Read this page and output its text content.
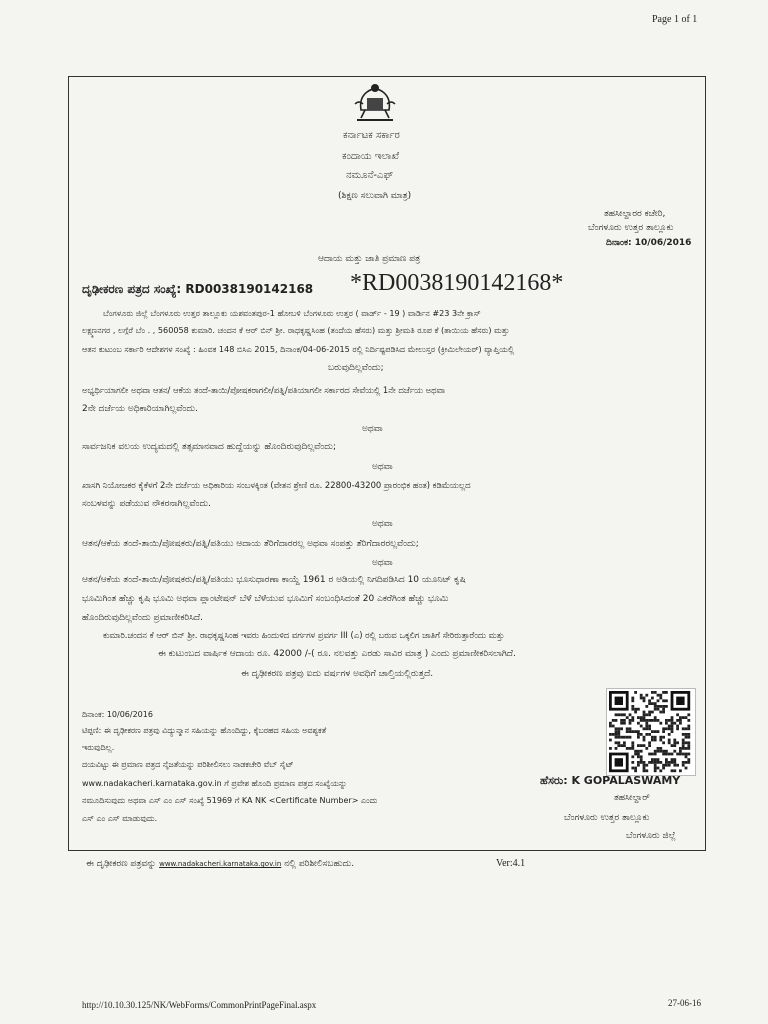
Page 1 of 1
ಕರ್ನಾಟಕ ಸರ್ಕಾರ
ಕಂದಾಯ ಇಲಾಖೆ
ನಮೂನೆ-ಎಫ್
(ಶಿಕ್ಷಣ ಸಲುವಾಗಿ ಮಾತ್ರ)
ತಹಸೀಲ್ದಾರರ ಕಚೇರಿ,
ಬೆಂಗಳೂರು ಉತ್ತರ ತಾಲ್ಲೂಕು
ದಿನಾಂಕ: 10/06/2016
ಆದಾಯ ಮತ್ತು ಜಾತಿ ಪ್ರಮಾಣ ಪತ್ರ
ದೃಢೀಕರಣ ಪತ್ರದ ಸಂಖ್ಯೆ: RD0038190142168 *RD0038190142168*
ಬೆಂಗಳೂರು ಜಿಲ್ಲೆ ಬೆಂಗಳೂರು ಉತ್ತರ ತಾಲ್ಲೂಕು ಯಶವಂತಪುರ-1 ಹೋಬಳಿ ಬೆಂಗಳೂರು ಉತ್ತರ ( ವಾರ್ಡ್ - 19 ) ವಾರ್ಡಿನ #23 3ನೇ ಕ್ರಾಸ್
ಲಕ್ಷ್ಮಣನಗರ , ಲಗ್ಗೆರೆ ಬೆಂ . , 560058 ಕುಮಾರಿ. ಚಂದನ ಕೆ ಆರ್ ಬಿನ್ ಶ್ರೀ. ರಾಧಕೃಷ್ಣಸಿಂಹ (ತಂದೆಯ ಹೆಸರು) ಮತ್ತು ಶ್ರೀಮತಿ ರೂಪ ಕೆ (ತಾಯಿಯ ಹೆಸರು) ಮತ್ತು
ಆತನ ಕುಟುಂಬ ಸರ್ಕಾರಿ ಆದೇಶಗಳ ಸಂಖ್ಯೆ : ಹಿಂವಕ 148 ಬಿಸಿಎ 2015, ದಿನಾಂಕ/04-06-2015 ರಲ್ಲಿ ನಿರ್ದಿಷ್ಟಪಡಿಸಿದ ಮೇಲುಸ್ತರ (ಕ್ರೀಮಿಲೇಯರ್) ವ್ಯಾಪ್ತಿಯಲ್ಲಿ
ಬರುವುದಿಲ್ಲವೆಂದು;
ಅಭ್ಯರ್ಥಿಯಾಗಲೀ ಅಥವಾ ಆತನ/ ಆಕೆಯ ತಂದೆ-ತಾಯಿ/ಪೋಷಕರಾಗಲೀ/ಪತ್ನಿ/ಪತಿಯಾಗಲೀ ಸರ್ಕಾರದ ಸೇವೆಯಲ್ಲಿ 1ನೇ ದರ್ಜೆಯ ಅಥವಾ
2ನೇ ದರ್ಜೆಯ ಅಧಿಕಾರಿಯಾಗಿಲ್ಲವೆಂದು.
ಅಥವಾ
ಸಾರ್ವಜನಿಕ ವಲಯ ಉದ್ಯಮದಲ್ಲಿ ತತ್ಸಮಾನವಾದ ಹುದ್ದೆಯನ್ನು ಹೊಂದಿರುವುದಿಲ್ಲವೆಂದು;
ಅಥವಾ
ಖಾಸಗಿ ನಿಯೋಜಕರ ಕೈಕೆಳಗೆ 2ನೇ ದರ್ಜೆಯ ಅಧಿಕಾರಿಯ ಸಂಬಳಕ್ಕಿಂತ (ವೇತನ ಶ್ರೇಣಿ ರೂ. 22800-43200 ಪ್ರಾರಂಭಿಕ ಹಂತ) ಕಡಿಮೆಯಲ್ಲದ
ಸಂಬಳವನ್ನು ಪಡೆಯುವ ನೌಕರನಾಗಿಲ್ಲವೆಂದು.
ಅಥವಾ
ಆತನ/ಆಕೆಯ ತಂದೆ-ತಾಯಿ/ಪೋಷಕರು/ಪತ್ನಿ/ಪತಿಯು ಆದಾಯ ತೆರಿಗೆದಾರರಲ್ಲ ಅಥವಾ ಸಂಪತ್ತು ತೆರಿಗೆದಾರರಲ್ಲವೆಂದು;
ಅಥವಾ
ಆತನ/ಆಕೆಯ ತಂದೆ-ತಾಯಿ/ಪೋಷಕರು/ಪತ್ನಿ/ಪತಿಯು ಭೂಸುಧಾರಣಾ ಕಾಯ್ದೆ 1961 ರ ಅಡಿಯಲ್ಲಿ ನಿಗದಿಪಡಿಸಿದ 10 ಯೂನಿಟ್ ಕೃಷಿ
ಭೂಮಿಗಿಂತ ಹೆಚ್ಚು ಕೃಷಿ ಭೂಮಿ ಅಥವಾ ಪ್ಲಾಂಟೇಷನ್ ಬೆಳೆ ಬೆಳೆಯುವ ಭೂಮಿಗೆ ಸಂಬಂಧಿಸಿದಂತೆ 20 ಎಕರೆಗಿಂತ ಹೆಚ್ಚು ಭೂಮಿ
ಹೊಂದಿರುವುದಿಲ್ಲವೆಂದು ಪ್ರಮಾಣೀಕರಿಸಿದೆ.
ಕುಮಾರಿ.ಚಂದನ ಕೆ ಆರ್ ಬಿನ್ ಶ್ರೀ. ರಾಧಕೃಷ್ಣಸಿಂಹ ಇವರು ಹಿಂದುಳಿದ ವರ್ಗಗಳ ಪ್ರವರ್ಗ III (ಎ) ರಲ್ಲಿ ಬರುವ ಒಕ್ಕಲಿಗ ಜಾತಿಗೆ ಸೇರಿರುತ್ತಾರೆಂದು ಮತ್ತು
ಈ ಕುಟುಂಬದ ವಾರ್ಷಿಕ ಆದಾಯ ರೂ. 42000 /-( ರೂ. ನಲವತ್ತು ಎರಡು ಸಾವಿರ ಮಾತ್ರ ) ಎಂದು ಪ್ರಮಾಣೀಕರಿಸಲಾಗಿದೆ.
ಈ ದೃಢೀಕರಣ ಪತ್ರವು ಐದು ವರ್ಷಗಳ ಅವಧಿಗೆ ಚಾಲ್ತಿಯಲ್ಲಿರುತ್ತದೆ.
ದಿನಾಂಕ: 10/06/2016
ಟಿಪ್ಪಣಿ: ಈ ದೃಢೀಕರಣ ಪತ್ರವು ವಿದ್ಯುನ್ಮಾನ ಸಹಿಯನ್ನು ಹೊಂದಿದ್ದು, ಕೈಬರಹದ ಸಹಿಯ ಅವಶ್ಯಕತೆ
ಇರುವುದಿಲ್ಲ.
ದಯವಿಟ್ಟು ಈ ಪ್ರಮಾಣ ಪತ್ರದ ನೈಜತೆಯನ್ನು ಪರಿಶೀಲಿಸಲು ನಾಡಕಚೇರಿ ವೆಬ್ ಸೈಟ್
www.nadakacheri.karnataka.gov.in ಗೆ ಪ್ರವೇಶ ಹೊಂದಿ ಪ್ರಮಾಣ ಪತ್ರದ ಸಂಖ್ಯೆಯನ್ನು
ನಮೂದಿಸುವುದು ಅಥವಾ ಎಸ್ ಎಂ ಎಸ್ ಸಂಖ್ಯೆ 51969 ಗೆ KA NK <Certificate Number> ಎಂದು
ಎಸ್ ಎಂ ಎಸ್ ಮಾಡುವುದು.
ಹೆಸರು: K GOPALASWAMY
ತಹಸೀಲ್ದಾರ್
ಬೆಂಗಳೂರು ಉತ್ತರ ತಾಲ್ಲೂಕು
ಬೆಂಗಳೂರು ಜಿಲ್ಲೆ
ಈ ದೃಢೀಕರಣ ಪತ್ರವನ್ನು www.nadakacheri.karnataka.gov.in ನಲ್ಲಿ ಪರಿಶೀಲಿಸಬಹುದು.	Ver:4.1
http://10.10.30.125/NK/WebForms/CommonPrintPageFinal.aspx	27-06-16
